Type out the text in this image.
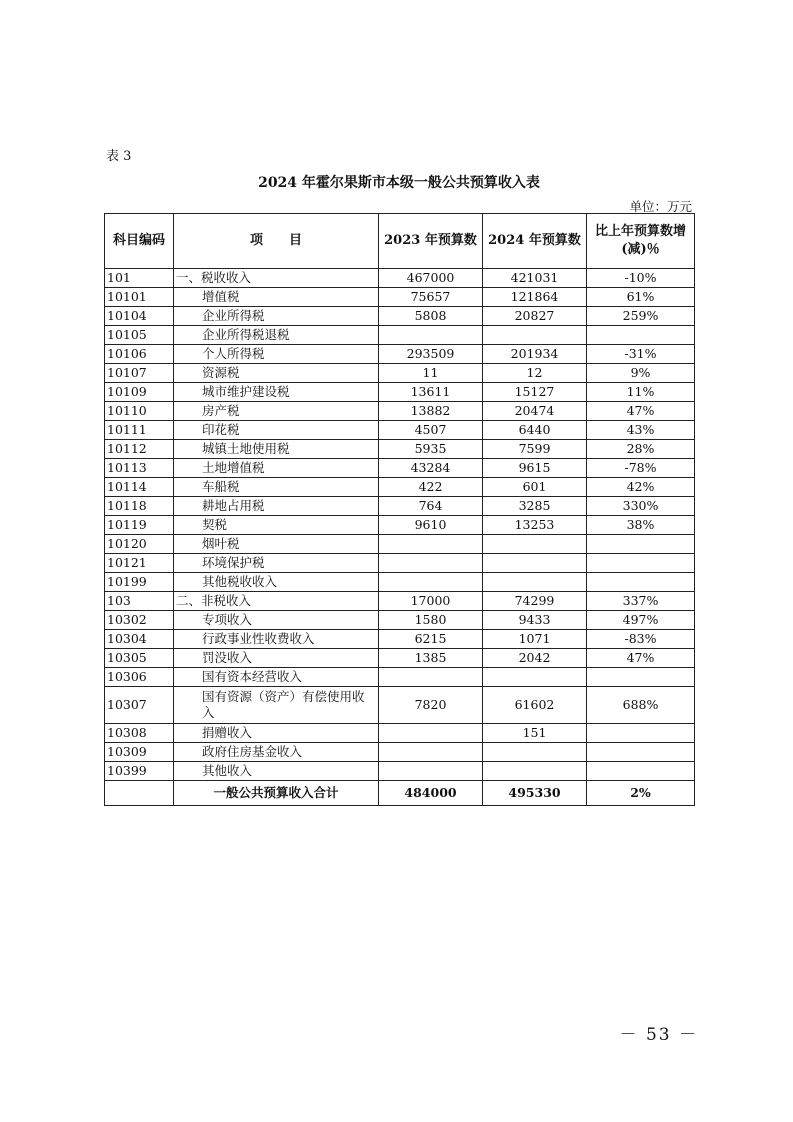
表 3
2024 年霍尔果斯市本级一般公共预算收入表
单位：万元
科目编码	项　　目	2023 年预算数	2024 年预算数	比上年预算数增(减)％
101	一、税收收入	467000	421031	-10%
10101	增值税	75657	121864	61%
10104	企业所得税	5808	20827	259%
10105	企业所得税退税			
10106	个人所得税	293509	201934	-31%
10107	资源税	11	12	9%
10109	城市维护建设税	13611	15127	11%
10110	房产税	13882	20474	47%
10111	印花税	4507	6440	43%
10112	城镇土地使用税	5935	7599	28%
10113	土地增值税	43284	9615	-78%
10114	车船税	422	601	42%
10118	耕地占用税	764	3285	330%
10119	契税	9610	13253	38%
10120	烟叶税			
10121	环境保护税			
10199	其他税收收入			
103	二、非税收入	17000	74299	337%
10302	专项收入	1580	9433	497%
10304	行政事业性收费收入	6215	1071	-83%
10305	罚没收入	1385	2042	47%
10306	国有资本经营收入			
10307	国有资源（资产）有偿使用收入	7820	61602	688%
10308	捐赠收入		151	
10309	政府住房基金收入			
10399	其他收入			
	一般公共预算收入合计	484000	495330	2%
－ 53 －
